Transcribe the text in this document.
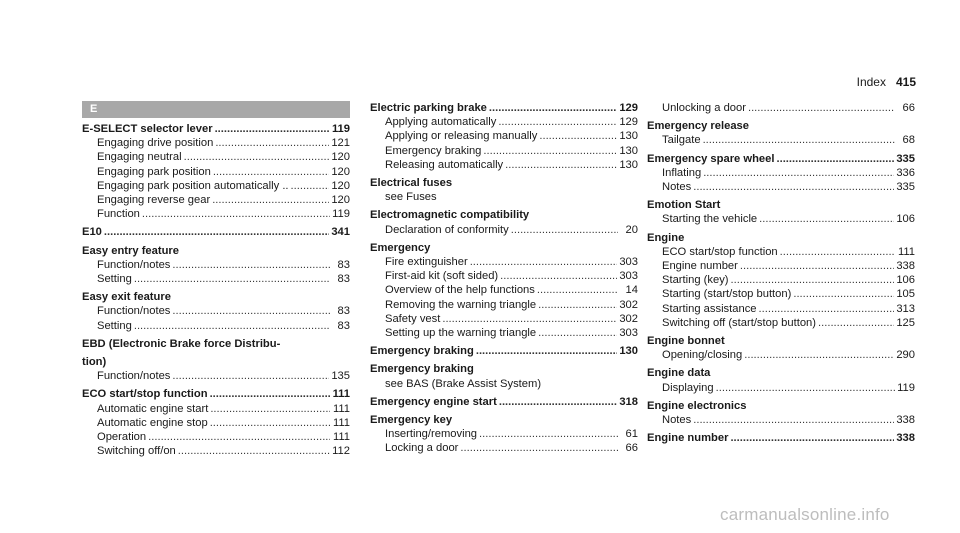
Index 415
E
E-SELECT selector lever .....	119
Engaging drive position .....	121
Engaging neutral .....	120
Engaging park position .....	120
Engaging park position automatically .. .....	120
Engaging reverse gear .....	120
Function .....	119
E10 .....	341
Easy entry feature
Function/notes .....	83
Setting .....	83
Easy exit feature
Function/notes .....	83
Setting .....	83
EBD (Electronic Brake force Distribu-
tion)
Function/notes .....	135
ECO start/stop function .....	111
Automatic engine start .....	111
Automatic engine stop .....	111
Operation .....	111
Switching off/on .....	112
Electric parking brake .....	129
Applying automatically .....	129
Applying or releasing manually .....	130
Emergency braking .....	130
Releasing automatically .....	130
Electrical fuses
see Fuses
Electromagnetic compatibility
Declaration of conformity .....	20
Emergency
Fire extinguisher .....	303
First-aid kit (soft sided) .....	303
Overview of the help functions .....	14
Removing the warning triangle .....	302
Safety vest .....	302
Setting up the warning triangle .....	303
Emergency braking .....	130
Emergency braking
see BAS (Brake Assist System)
Emergency engine start .....	318
Emergency key
Inserting/removing .....	61
Locking a door .....	66
Unlocking a door .....	66
Emergency release
Tailgate .....	68
Emergency spare wheel .....	335
Inflating .....	336
Notes .....	335
Emotion Start
Starting the vehicle .....	106
Engine
ECO start/stop function .....	111
Engine number .....	338
Starting (key) .....	106
Starting (start/stop button) .....	105
Starting assistance .....	313
Switching off (start/stop button) .....	125
Engine bonnet
Opening/closing .....	290
Engine data
Displaying .....	119
Engine electronics
Notes .....	338
Engine number .....	338
carmanualsonline.info
